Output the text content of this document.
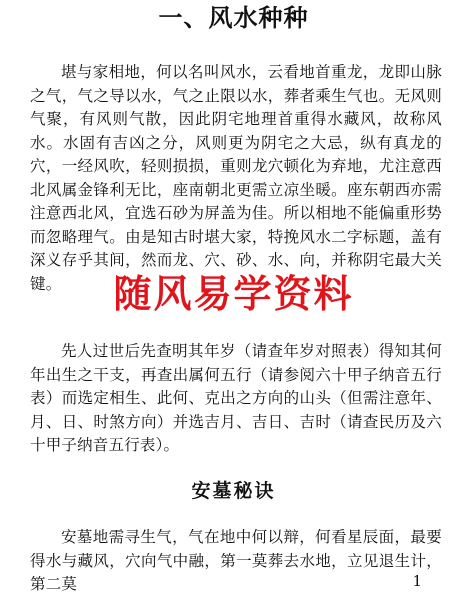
一、风水种种

堪与家相地，何以名叫风水，云看地首重龙，龙即山脉之气，气之导以水，气之止限以水，葬者乘生气也。无风则气聚，有风则气散，因此阴宅地理首重得水藏风，故称风水。水固有吉凶之分，风则更为阴宅之大忌，纵有真龙的穴，一经风吹，轻则损损，重则龙穴顿化为弃地，尤注意西北风属金锋利无比，座南朝北更需立凉坐暖。座东朝西亦需注意西北风，宜选石砂为屏盖为佳。所以相地不能偏重形势而忽略理气。由是知古时堪大家，特挽风水二字标题，盖有深义存乎其间，然而龙、穴、砂、水、向，并称阴宅最大关键。	随风易学资料

先人过世后先查明其年岁（请查年岁对照表）得知其何年出生之干支，再查出属何五行（请参阅六十甲子纳音五行表）而选定相生、此何、克出之方向的山头（但需注意年、月、日、时煞方向）并选吉月、吉日、吉时（请查民历及六十甲子纳音五行表）。

安墓秘诀

安墓地需寻生气，气在地中何以辩，何看星辰面，最要得水与藏风，穴向气中融，第一莫葬去水地，立见退生计，第二莫	1
